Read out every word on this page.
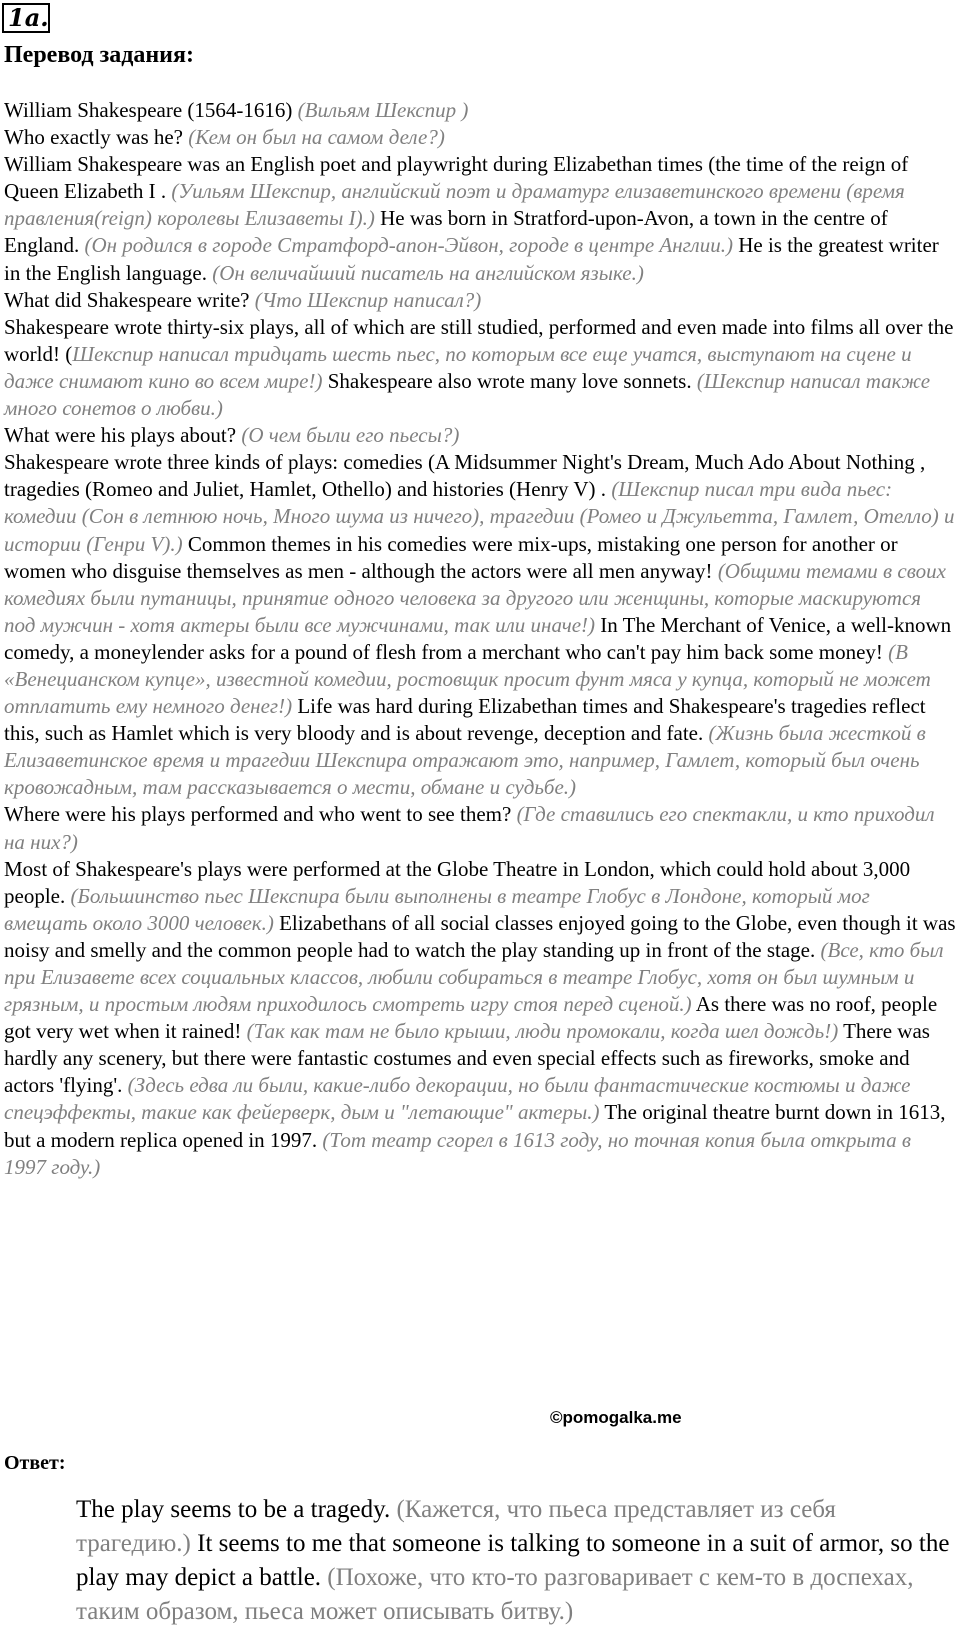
1a.
Перевод задания:

William Shakespeare (1564-1616) (Вильям Шекспир )

Who exactly was he? (Кем он был на самом деле?)

William Shakespeare was an English poet and playwright during Elizabethan times (the time of the reign of Queen Elizabeth I . (Уильям Шекспир, английский поэт и драматург елизаветинского времени (время правления(reign) королевы Елизаветы I).) He was born in Stratford-upon-Avon, a town in the centre of England. (Он родился в городе Стратфорд-апон-Эйвон, городе в центре Англии.) He is the greatest writer in the English language. (Он величайший писатель на английском языке.)

What did Shakespeare write? (Что Шекспир написал?)

Shakespeare wrote thirty-six plays, all of which are still studied, performed and even made into films all over the world! (Шекспир написал тридцать шесть пьес, по которым все еще учатся, выступают на сцене и даже снимают кино во всем мире!) Shakespeare also wrote many love sonnets. (Шекспир написал также много сонетов о любви.)

What were his plays about? (О чем были его пьесы?)

Shakespeare wrote three kinds of plays: comedies (A Midsummer Night's Dream, Much Ado About Nothing , tragedies (Romeo and Juliet, Hamlet, Othello) and histories (Henry V) . (Шекспир писал три вида пьес: комедии (Сон в летнюю ночь, Много шума из ничего), трагедии (Ромео и Джульетта, Гамлет, Отелло) и истории (Генри V).) Common themes in his comedies were mix-ups, mistaking one person for another or women who disguise themselves as men - although the actors were all men anyway! (Общими темами в своих комедиях были путаницы, принятие одного человека за другого или женщины, которые маскируются под мужчин - хотя актеры были все мужчинами, так или иначе!) In The Merchant of Venice, a well-known comedy, a moneylender asks for a pound of flesh from a merchant who can't pay him back some money! (В «Венецианском купце», известной комедии, ростовщик просит фунт мяса у купца, который не может отплатить ему немного денег!) Life was hard during Elizabethan times and Shakespeare's tragedies reflect this, such as Hamlet which is very bloody and is about revenge, deception and fate. (Жизнь была жесткой в Елизаветинское время и трагедии Шекспира отражают это, например, Гамлет, который был очень кровожадным, там рассказывается о мести, обмане и судьбе.)

Where were his plays performed and who went to see them? (Где ставились его спектакли, и кто приходил на них?)

Most of Shakespeare's plays were performed at the Globe Theatre in London, which could hold about 3,000 people. (Большинство пьес Шекспира были выполнены в театре Глобус в Лондоне, который мог вмещать около 3000 человек.) Elizabethans of all social classes enjoyed going to the Globe, even though it was noisy and smelly and the common people had to watch the play standing up in front of the stage. (Все, кто был при Елизавете всех социальных классов, любили собираться в театре Глобус, хотя он был шумным и грязным, и простым людям приходилось смотреть игру стоя перед сценой.) As there was no roof, people got very wet when it rained! (Так как там не было крыши, люди промокали, когда шел дождь!) There was hardly any scenery, but there were fantastic costumes and even special effects such as fireworks, smoke and actors 'flying'. (Здесь едва ли были, какие-либо декорации, но были фантастические костюмы и даже спецэффекты, такие как фейерверк, дым и "летающие" актеры.) The original theatre burnt down in 1613, but a modern replica opened in 1997. (Тот театр сгорел в 1613 году, но точная копия была открыта в 1997 году.)

©pomogalka.me
Ответ:
The play seems to be a tragedy. (Кажется, что пьеса представляет из себя трагедию.) It seems to me that someone is talking to someone in a suit of armor, so the play may depict a battle. (Похоже, что кто-то разговаривает с кем-то в доспехах, таким образом, пьеса может описывать битву.)
